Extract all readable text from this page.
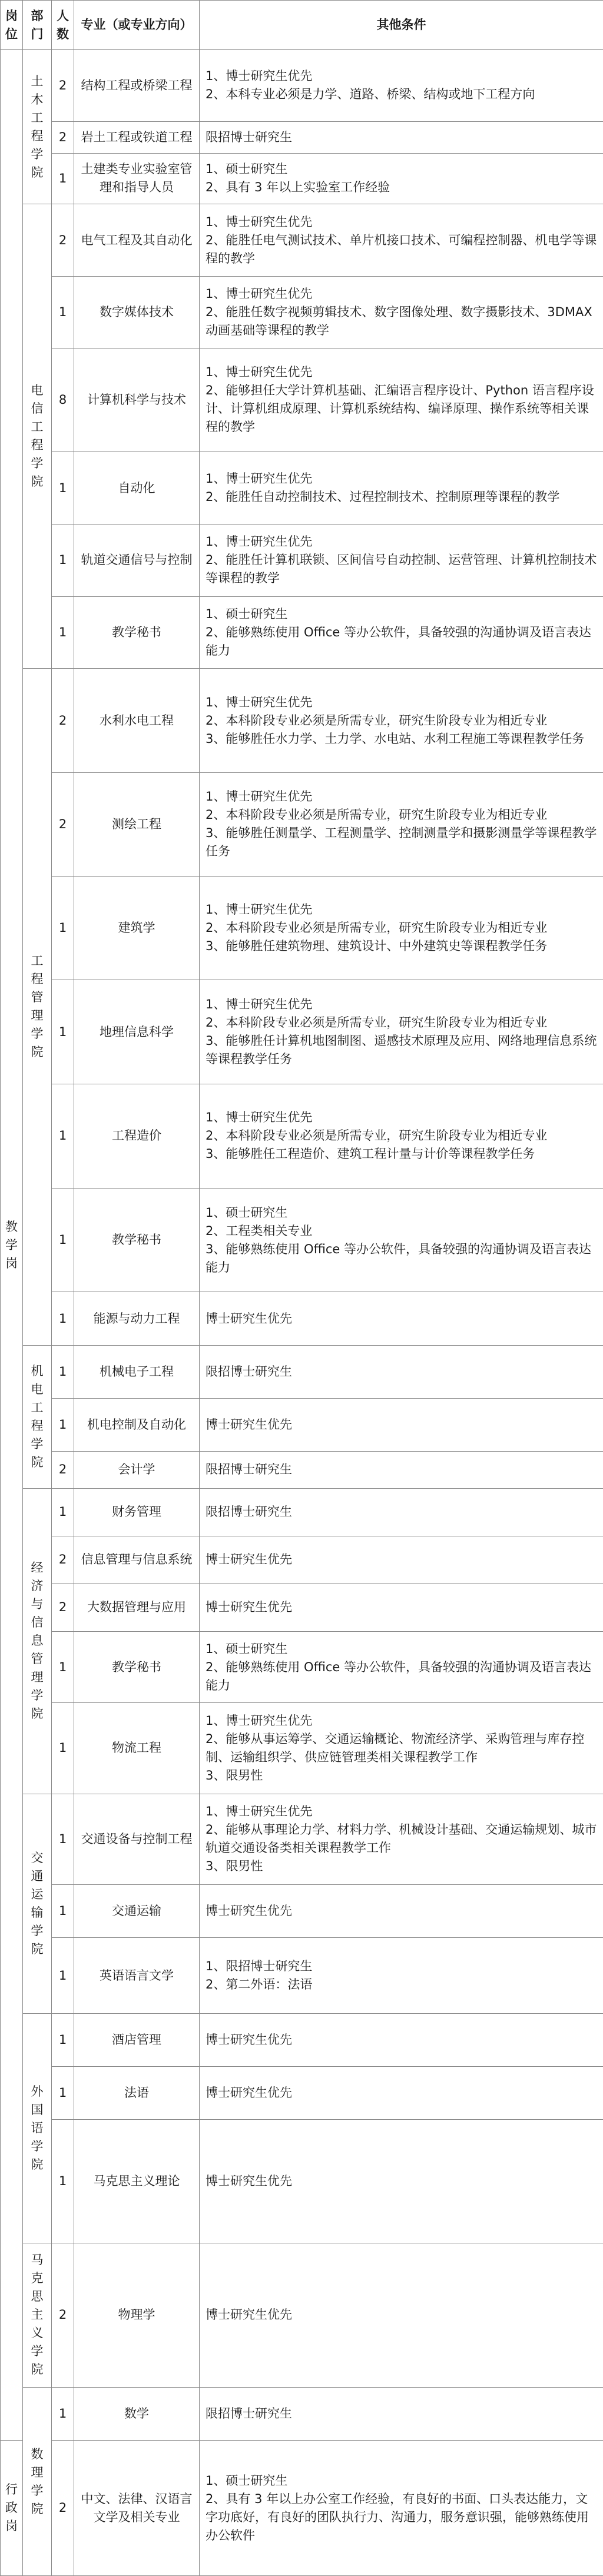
岗位	部门	人数	专业（或专业方向）	其他条件

教学岗	土木工程学院	2	结构工程或桥梁工程	1、博士研究生优先
2、本科专业必须是力学、道路、桥梁、结构或地下工程方向

		2	岩土工程或铁道工程	限招博士研究生

		1	土建类专业实验室管理和指导人员	1、硕士研究生
2、具有 3 年以上实验室工作经验

	电信工程学院	2	电气工程及其自动化	1、博士研究生优先
2、能胜任电气测试技术、单片机接口技术、可编程控制器、机电学等课程的教学

		1	数字媒体技术	1、博士研究生优先
2、能胜任数字视频剪辑技术、数字图像处理、数字摄影技术、3DMAX 动画基础等课程的教学

		8	计算机科学与技术	1、博士研究生优先
2、能够担任大学计算机基础、汇编语言程序设计、Python 语言程序设计、计算机组成原理、计算机系统结构、编译原理、操作系统等相关课程的教学

		1	自动化	1、博士研究生优先
2、能胜任自动控制技术、过程控制技术、控制原理等课程的教学

		1	轨道交通信号与控制	1、博士研究生优先
2、能胜任计算机联锁、区间信号自动控制、运营管理、计算机控制技术等课程的教学

		1	教学秘书	1、硕士研究生
2、能够熟练使用 Office 等办公软件，具备较强的沟通协调及语言表达能力

	工程管理学院	2	水利水电工程	1、博士研究生优先
2、本科阶段专业必须是所需专业，研究生阶段专业为相近专业
3、能够胜任水力学、土力学、水电站、水利工程施工等课程教学任务

		2	测绘工程	1、博士研究生优先
2、本科阶段专业必须是所需专业，研究生阶段专业为相近专业
3、能够胜任测量学、工程测量学、控制测量学和摄影测量学等课程教学任务

		1	建筑学	1、博士研究生优先
2、本科阶段专业必须是所需专业，研究生阶段专业为相近专业
3、能够胜任建筑物理、建筑设计、中外建筑史等课程教学任务

		1	地理信息科学	1、博士研究生优先
2、本科阶段专业必须是所需专业，研究生阶段专业为相近专业
3、能够胜任计算机地图制图、遥感技术原理及应用、网络地理信息系统等课程教学任务

		1	工程造价	1、博士研究生优先
2、本科阶段专业必须是所需专业，研究生阶段专业为相近专业
3、能够胜任工程造价、建筑工程计量与计价等课程教学任务

		1	教学秘书	1、硕士研究生
2、工程类相关专业
3、能够熟练使用 Office 等办公软件，具备较强的沟通协调及语言表达能力

		1	能源与动力工程	博士研究生优先

	机电工程学院	1	机械电子工程	限招博士研究生

		1	机电控制及自动化	博士研究生优先

		2	会计学	限招博士研究生

	经济与信息管理学院	1	财务管理	限招博士研究生

		2	信息管理与信息系统	博士研究生优先

		2	大数据管理与应用	博士研究生优先

		1	教学秘书	1、硕士研究生
2、能够熟练使用 Office 等办公软件，具备较强的沟通协调及语言表达能力

		1	物流工程	1、博士研究生优先
2、能够从事运筹学、交通运输概论、物流经济学、采购管理与库存控制、运输组织学、供应链管理类相关课程教学工作
3、限男性

	交通运输学院	1	交通设备与控制工程	1、博士研究生优先
2、能够从事理论力学、材料力学、机械设计基础、交通运输规划、城市轨道交通设备类相关课程教学工作
3、限男性

		1	交通运输	博士研究生优先

		1	英语语言文学	1、限招博士研究生
2、第二外语：法语

	外国语学院	1	酒店管理	博士研究生优先

		1	法语	博士研究生优先

		1	马克思主义理论	博士研究生优先

	马克思主义学院	2	物理学	博士研究生优先

	数理学院	1	数学	限招博士研究生

行政岗		2	中文、法律、汉语言文学及相关专业	1、硕士研究生
2、具有 3 年以上办公室工作经验，有良好的书面、口头表达能力，文字功底好，有良好的团队执行力、沟通力，服务意识强，能够熟练使用办公软件
